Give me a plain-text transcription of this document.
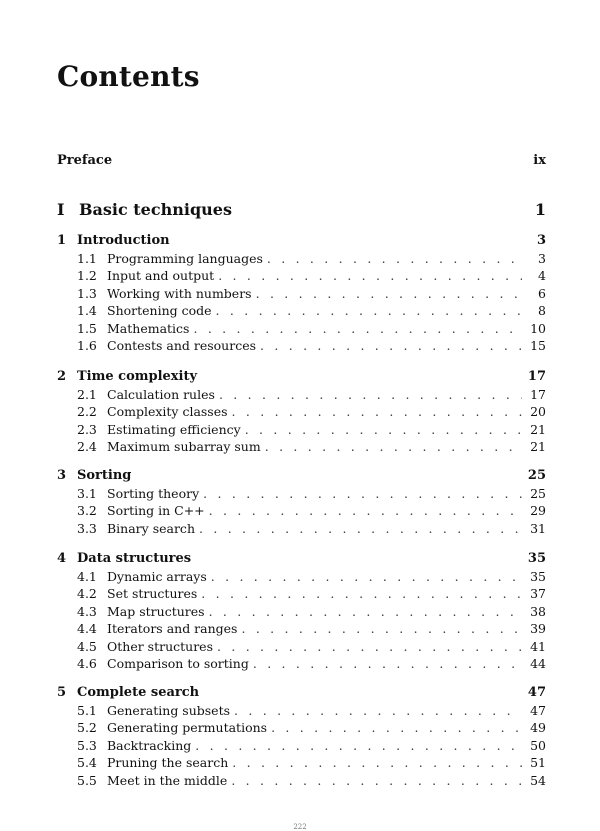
Contents
Preface	ix
I Basic techniques	1
1 Introduction	3
1.1 Programming languages . . .	3
1.2 Input and output . . .	4
1.3 Working with numbers . . .	6
1.4 Shortening code . . .	8
1.5 Mathematics . . .	10
1.6 Contests and resources . . .	15
2 Time complexity	17
2.1 Calculation rules . . .	17
2.2 Complexity classes . . .	20
2.3 Estimating efficiency . . .	21
2.4 Maximum subarray sum . . .	21
3 Sorting	25
3.1 Sorting theory . . .	25
3.2 Sorting in C++ . . .	29
3.3 Binary search . . .	31
4 Data structures	35
4.1 Dynamic arrays . . .	35
4.2 Set structures . . .	37
4.3 Map structures . . .	38
4.4 Iterators and ranges . . .	39
4.5 Other structures . . .	41
4.6 Comparison to sorting . . .	44
5 Complete search	47
5.1 Generating subsets . . .	47
5.2 Generating permutations . . .	49
5.3 Backtracking . . .	50
5.4 Pruning the search . . .	51
5.5 Meet in the middle . . .	54
222
